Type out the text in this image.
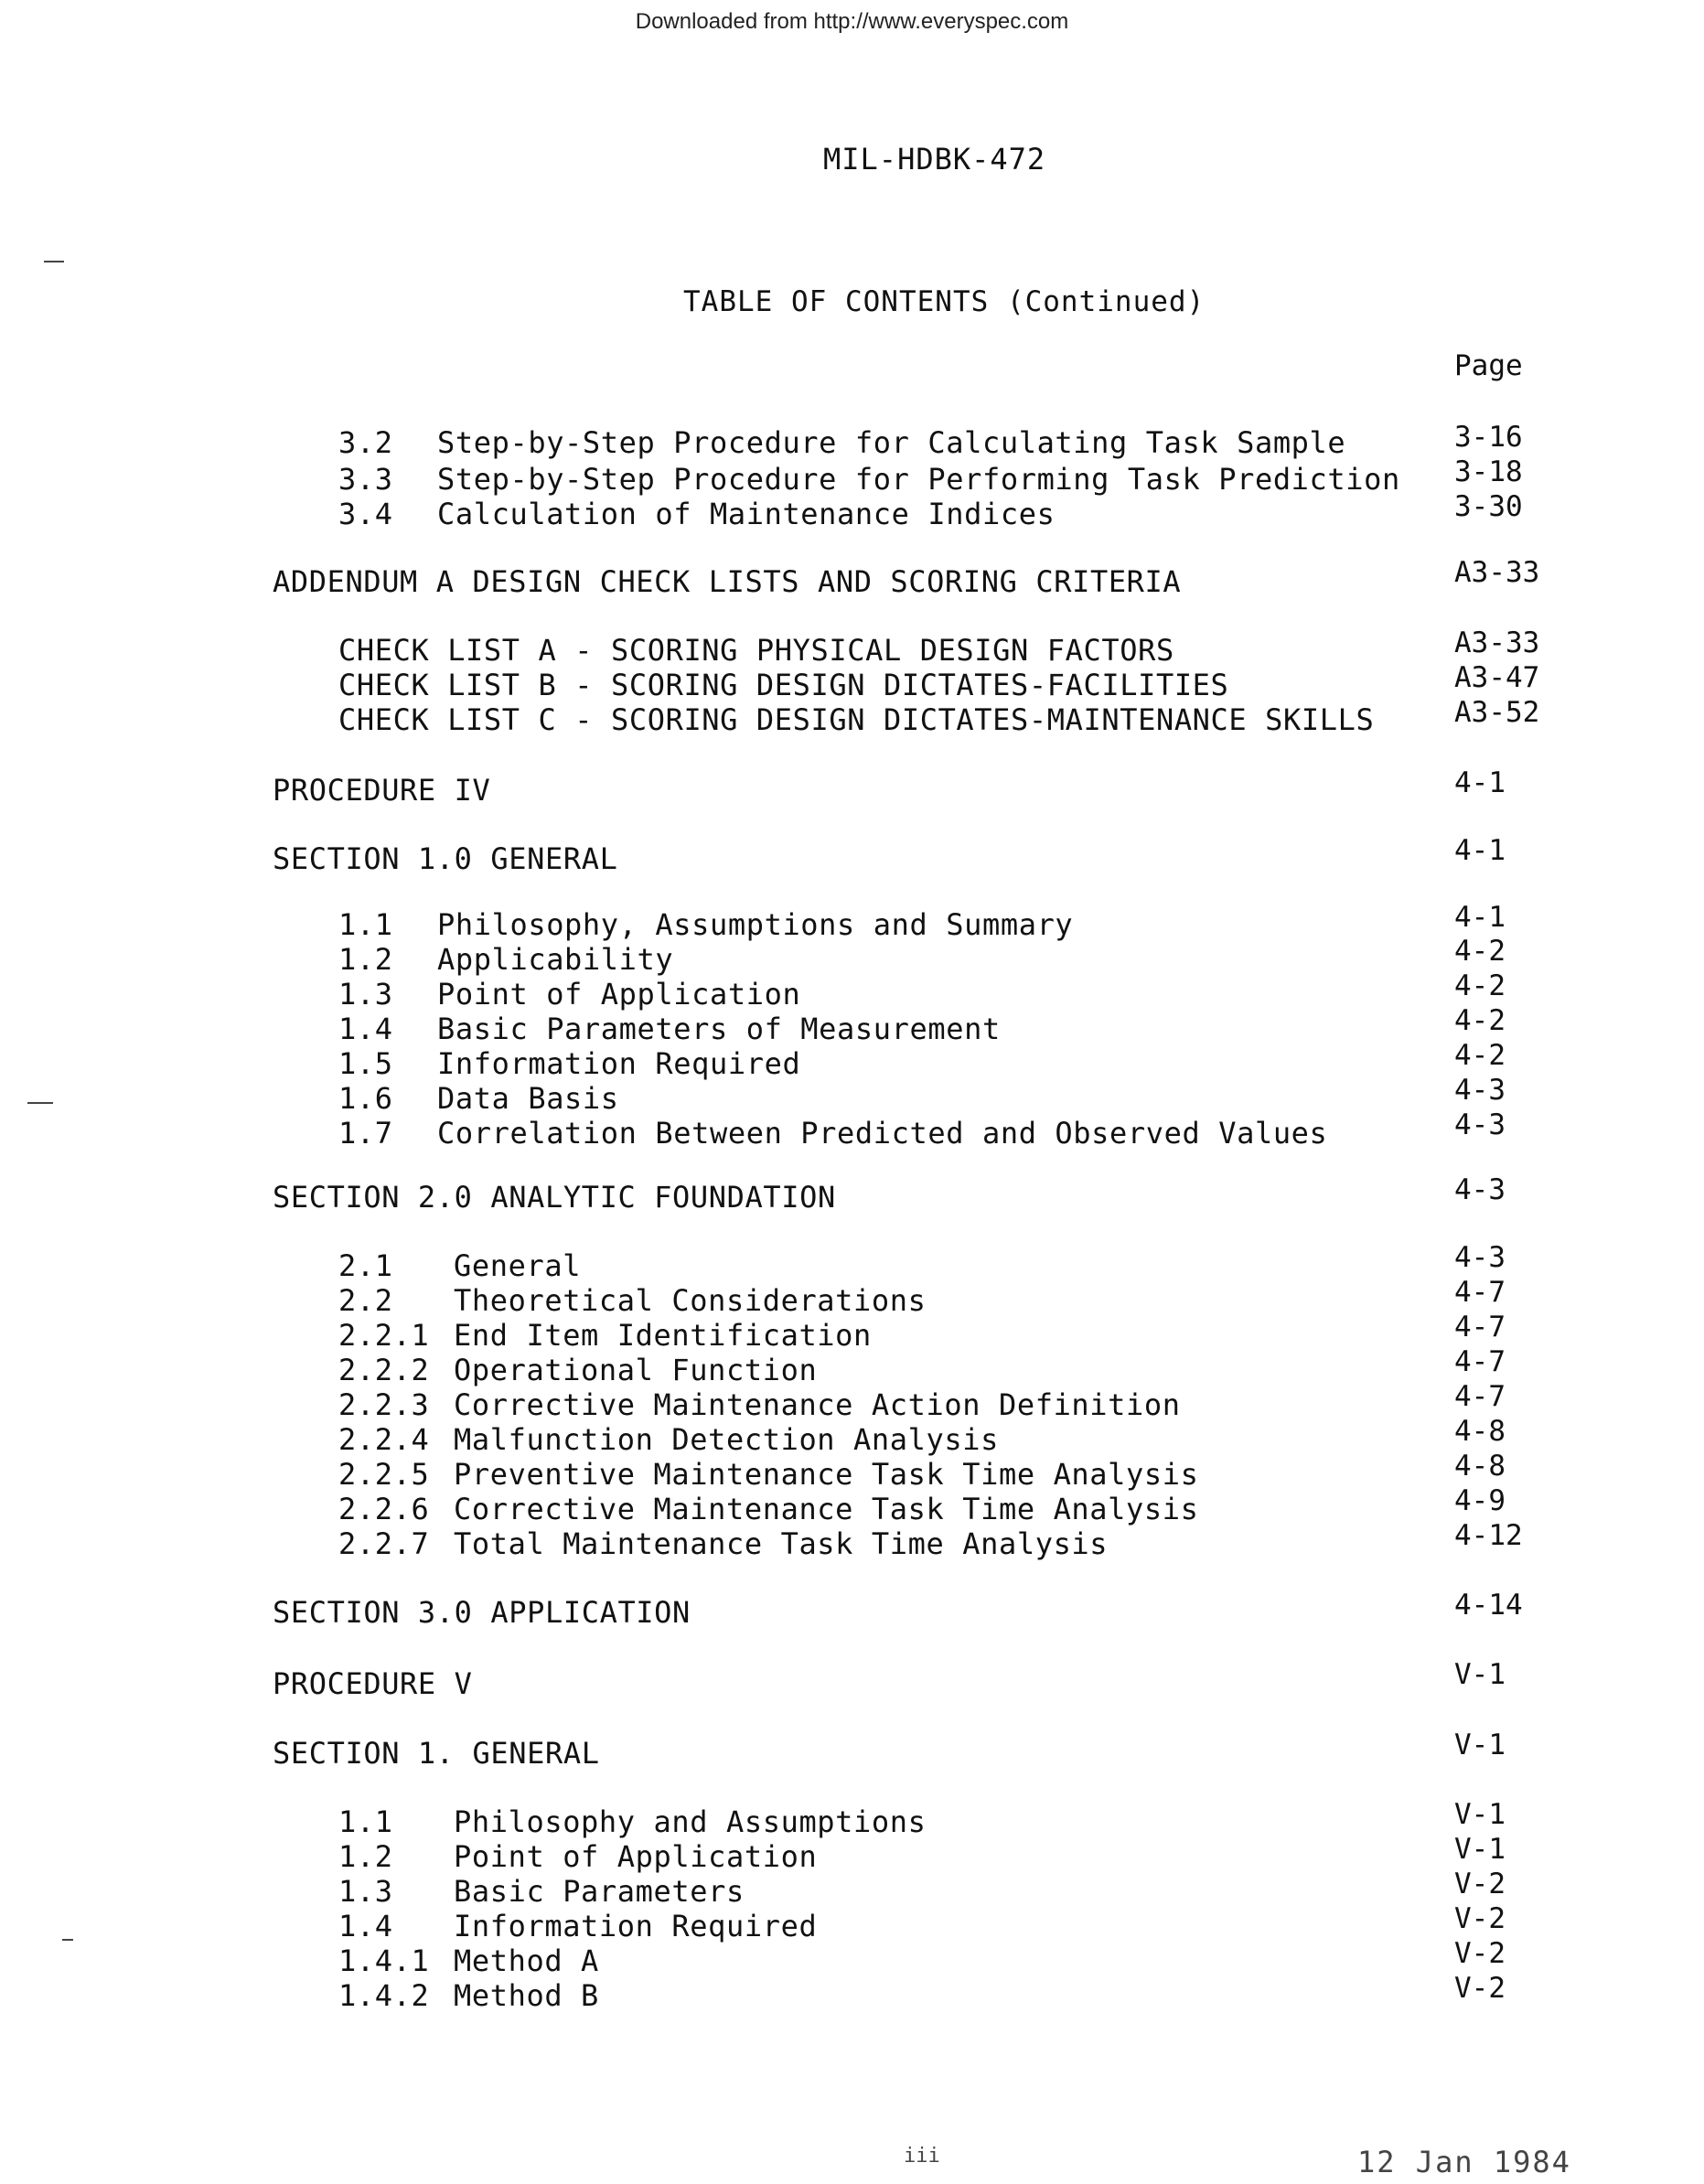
Downloaded from http://www.everyspec.com
MIL-HDBK-472
TABLE OF CONTENTS (Continued)
Page
3.2 Step-by-Step Procedure for Calculating Task Sample	3-16
3.3 Step-by-Step Procedure for Performing Task Prediction 3-18
3.4 Calculation of Maintenance Indices	3-30
ADDENDUM A DESIGN CHECK LISTS AND SCORING CRITERIA	A3-33
CHECK LIST A - SCORING PHYSICAL DESIGN FACTORS	A3-33
CHECK LIST B - SCORING DESIGN DICTATES-FACILITIES	A3-47
CHECK LIST C - SCORING DESIGN DICTATES-MAINTENANCE SKILLS	A3-52
PROCEDURE IV	4-1
SECTION 1.0 GENERAL	4-1
1.1 Philosophy, Assumptions and Summary	4-1
1.2 Applicability	4-2
1.3 Point of Application	4-2
1.4 Basic Parameters of Measurement	4-2
1.5 Information Required	4-2
1.6 Data Basis	4-3
1.7 Correlation Between Predicted and Observed Values	4-3
SECTION 2.0 ANALYTIC FOUNDATION	4-3
2.1 General	4-3
2.2 Theoretical Considerations	4-7
2.2.1 End Item Identification	4-7
2.2.2 Operational Function	4-7
2.2.3 Corrective Maintenance Action Definition	4-7
2.2.4 Malfunction Detection Analysis	4-8
2.2.5 Preventive Maintenance Task Time Analysis	4-8
2.2.6 Corrective Maintenance Task Time Analysis	4-9
2.2.7 Total Maintenance Task Time Analysis	4-12
SECTION 3.0 APPLICATION	4-14
PROCEDURE V	V-1
SECTION 1. GENERAL	V-1
1.1 Philosophy and Assumptions	V-1
1.2 Point of Application	V-1
1.3 Basic Parameters	V-2
1.4 Information Required	V-2
1.4.1 Method A	V-2
1.4.2 Method B	V-2
iii	12 Jan 1984
